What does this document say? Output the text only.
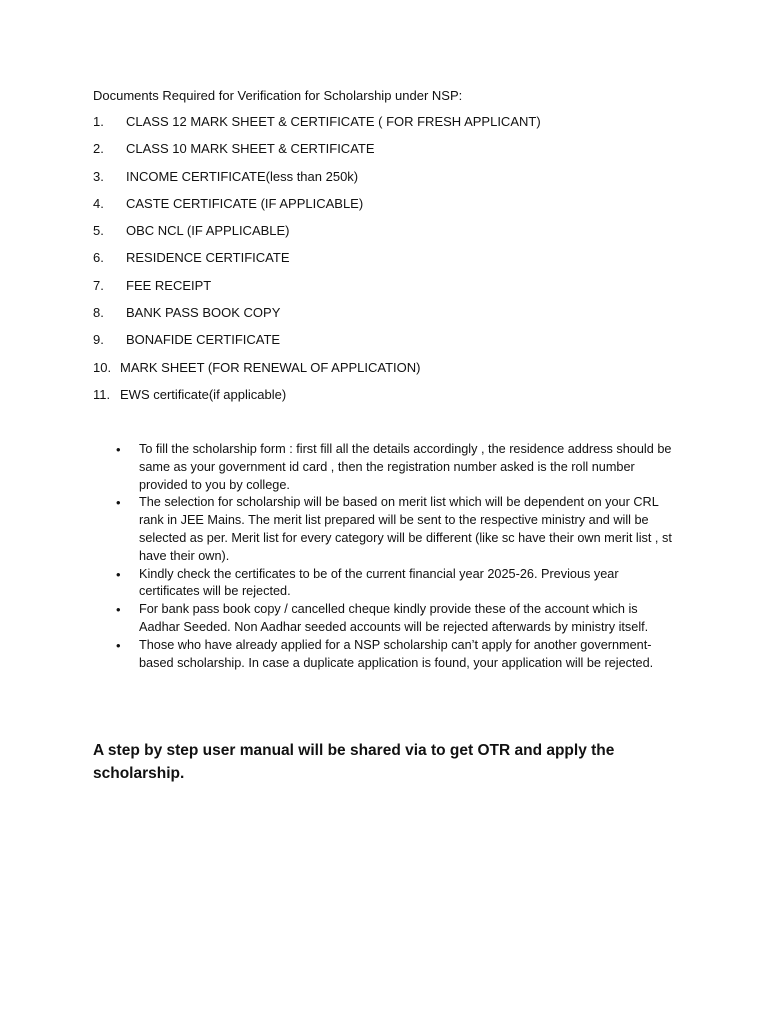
Documents Required for Verification for Scholarship under NSP:
1. CLASS 12 MARK SHEET & CERTIFICATE ( FOR FRESH APPLICANT)
2. CLASS 10 MARK SHEET & CERTIFICATE
3. INCOME CERTIFICATE(less than 250k)
4. CASTE CERTIFICATE (IF APPLICABLE)
5. OBC NCL (IF APPLICABLE)
6. RESIDENCE CERTIFICATE
7. FEE RECEIPT
8. BANK PASS BOOK COPY
9. BONAFIDE CERTIFICATE
10. MARK SHEET (FOR RENEWAL OF APPLICATION)
11. EWS certificate(if applicable)
• To fill the scholarship form : first fill all the details accordingly , the residence address should be same as your government id card , then the registration number asked is the roll number provided to you by college.
• The selection for scholarship will be based on merit list which will be dependent on your CRL rank in JEE Mains. The merit list prepared will be sent to the respective ministry and will be selected as per. Merit list for every category will be different (like sc have their own merit list , st have their own).
• Kindly check the certificates to be of the current financial year 2025-26. Previous year certificates will be rejected.
• For bank pass book copy / cancelled cheque kindly provide these of the account which is Aadhar Seeded. Non Aadhar seeded accounts will be rejected afterwards by ministry itself.
• Those who have already applied for a NSP scholarship can’t apply for another government-based scholarship. In case a duplicate application is found, your application will be rejected.
A step by step user manual will be shared via to get OTR and apply the scholarship.
